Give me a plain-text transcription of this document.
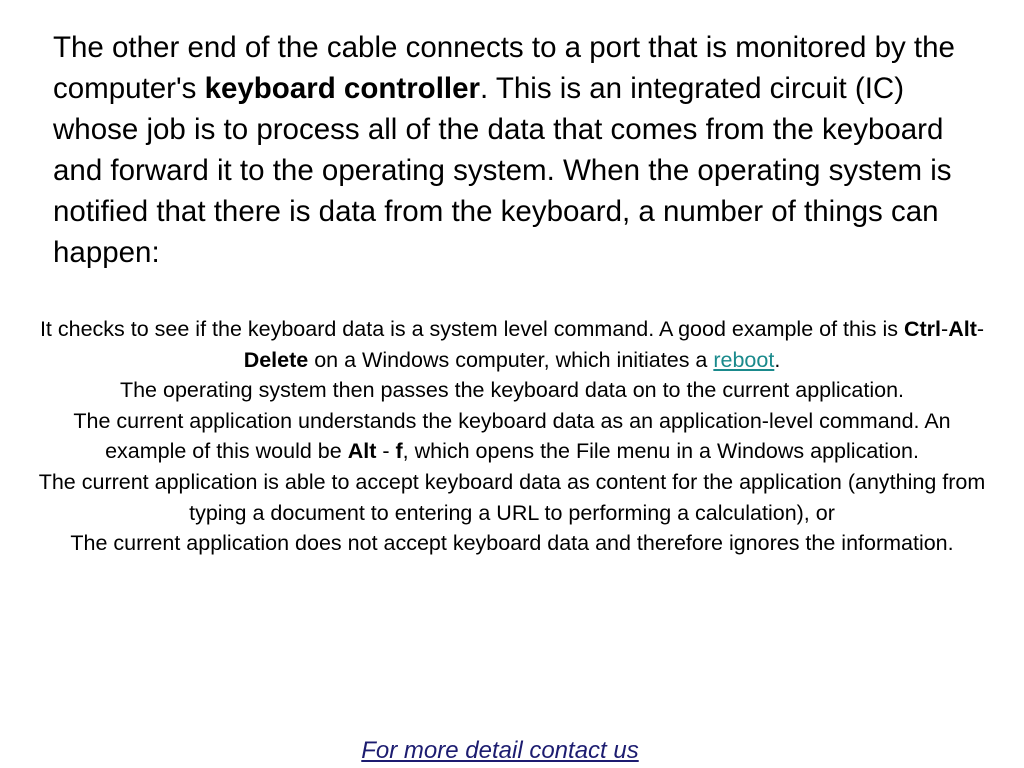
The other end of the cable connects to a port that is monitored by the computer's keyboard controller. This is an integrated circuit (IC) whose job is to process all of the data that comes from the keyboard and forward it to the operating system. When the operating system is notified that there is data from the keyboard, a number of things can happen:

It checks to see if the keyboard data is a system level command. A good example of this is Ctrl-Alt-Delete on a Windows computer, which initiates a reboot.

The operating system then passes the keyboard data on to the current application.

The current application understands the keyboard data as an application-level command. An example of this would be Alt - f, which opens the File menu in a Windows application.

The current application is able to accept keyboard data as content for the application (anything from typing a document to entering a URL to performing a calculation), or

The current application does not accept keyboard data and therefore ignores the information.

For more detail contact us
